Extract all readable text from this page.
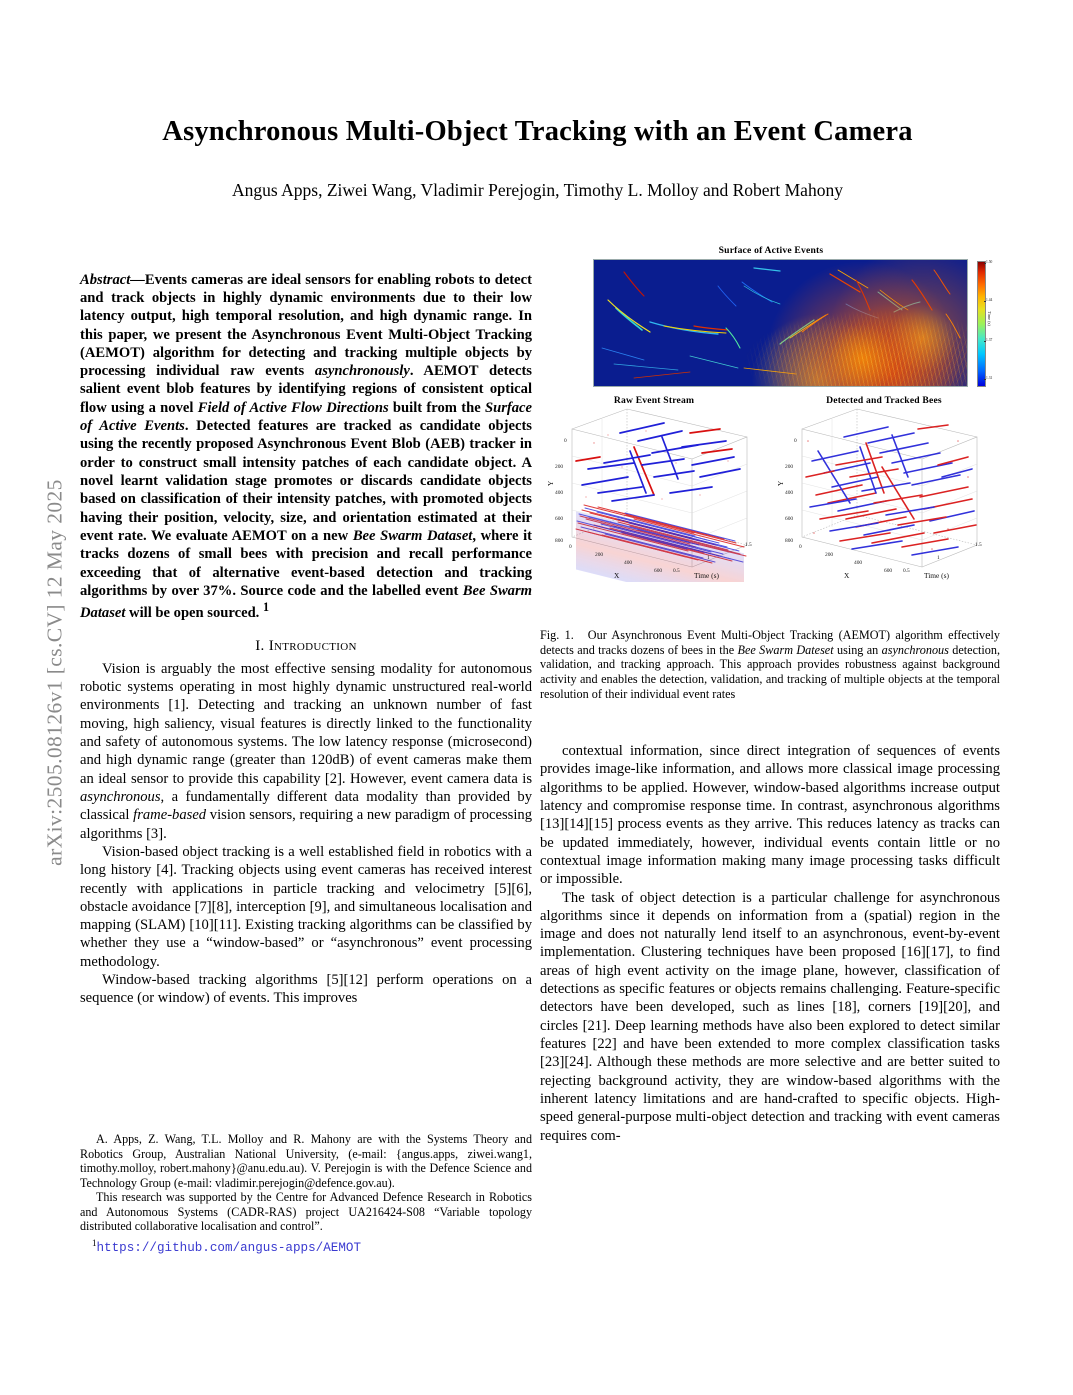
arXiv:2505.08126v1 [cs.CV] 12 May 2025
Asynchronous Multi-Object Tracking with an Event Camera
Angus Apps, Ziwei Wang, Vladimir Perejogin, Timothy L. Molloy and Robert Mahony

Abstract—Events cameras are ideal sensors for enabling robots to detect and track objects in highly dynamic environments due to their low latency output, high temporal resolution, and high dynamic range. In this paper, we present the Asynchronous Event Multi-Object Tracking (AEMOT) algorithm for detecting and tracking multiple objects by processing individual raw events asynchronously. AEMOT detects salient event blob features by identifying regions of consistent optical flow using a novel Field of Active Flow Directions built from the Surface of Active Events. Detected features are tracked as candidate objects using the recently proposed Asynchronous Event Blob (AEB) tracker in order to construct small intensity patches of each candidate object. A novel learnt validation stage promotes or discards candidate objects based on classification of their intensity patches, with promoted objects having their position, velocity, size, and orientation estimated at their event rate. We evaluate AEMOT on a new Bee Swarm Dataset, where it tracks dozens of small bees with precision and recall performance exceeding that of alternative event-based detection and tracking algorithms by over 37%. Source code and the labelled event Bee Swarm Dataset will be open sourced. $^1$

I. Introduction

Vision is arguably the most effective sensing modality for autonomous robotic systems operating in most highly dynamic unstructured real-world environments [1]. Detecting and tracking an unknown number of fast moving, high saliency, visual features is directly linked to the functionality and safety of autonomous systems. The low latency response (microsecond) and high dynamic range (greater than 120dB) of event cameras make them an ideal sensor to provide this capability [2]. However, event camera data is asynchronous, a fundamentally different data modality than provided by classical frame-based vision sensors, requiring a new paradigm of processing algorithms [3].

Vision-based object tracking is a well established field in robotics with a long history [4]. Tracking objects using event cameras has received interest recently with applications in particle tracking and velocimetry [5][6], obstacle avoidance [7][8], interception [9], and simultaneous localisation and mapping (SLAM) [10][11]. Existing tracking algorithms can be classified by whether they use a “window-based” or “asynchronous” event processing methodology.

Window-based tracking algorithms [5][12] perform operations on a sequence (or window) of events. This improves

A. Apps, Z. Wang, T.L. Molloy and R. Mahony are with the Systems Theory and Robotics Group, Australian National University, (e-mail: {angus.apps, ziwei.wang1, timothy.molloy, robert.mahony}@anu.edu.au). V. Perejogin is with the Defence Science and Technology Group (e-mail: vladimir.perejogin@defence.gov.au).

This research was supported by the Centre for Advanced Defence Research in Robotics and Autonomous Systems (CADR-RAS) project UA216424-S08 “Variable topology distributed collaborative localisation and control”.

$^1$https://github.com/angus-apps/AEMOT
Surface of Active Events
1.50
1.44
1.37
1.31
Time (s)
Raw Event Stream
Y
0
200
400
600
800
0
200
400
600
X	0.5
1
1.5
Time (s)
Detected and Tracked Bees
Y
0
200
400
600
800
0
200
400
600
X	0.5
1
1.5
Time (s)
Fig. 1. Our Asynchronous Event Multi-Object Tracking (AEMOT) algorithm effectively detects and tracks dozens of bees in the Bee Swarm Dateset using an asynchronous detection, validation, and tracking approach. This approach provides robustness against background activity and enables the detection, validation, and tracking of multiple objects at the temporal resolution of their individual event rates

contextual information, since direct integration of sequences of events provides image-like information, and allows more classical image processing algorithms to be applied. However, window-based algorithms increase output latency and compromise response time. In contrast, asynchronous algorithms [13][14][15] process events as they arrive. This reduces latency as tracks can be updated immediately, however, individual events contain little or no contextual image information making many image processing tasks difficult or impossible.

The task of object detection is a particular challenge for asynchronous algorithms since it depends on information from a (spatial) region in the image and does not naturally lend itself to an asynchronous, event-by-event implementation. Clustering techniques have been proposed [16][17], to find areas of high event activity on the image plane, however, classification of detections as specific features or objects remains challenging. Feature-specific detectors have been developed, such as lines [18], corners [19][20], and circles [21]. Deep learning methods have also been explored to detect similar features [22] and have been extended to more complex classification tasks [23][24]. Although these methods are more selective and are better suited to rejecting background activity, they are window-based algorithms with the inherent latency limitations and are hand-crafted to specific objects. High-speed general-purpose multi-object detection and tracking with event cameras requires com-
